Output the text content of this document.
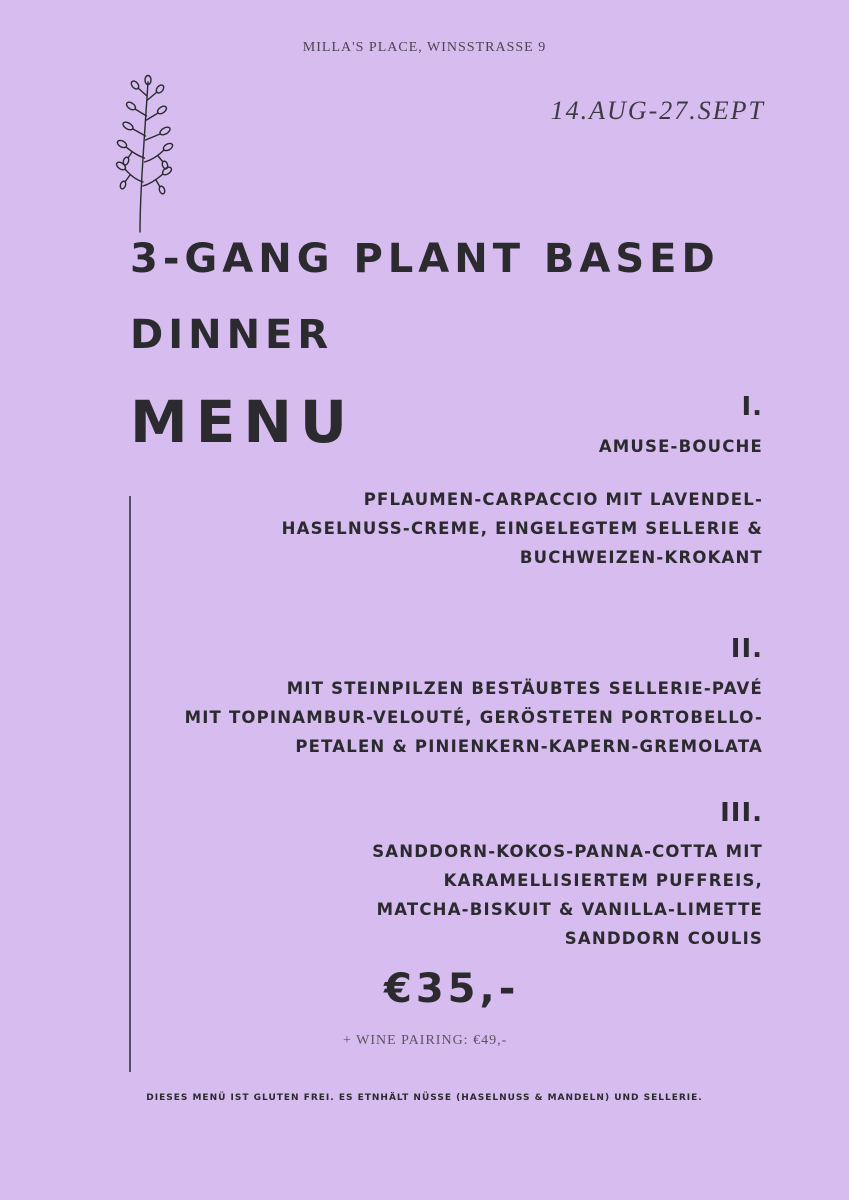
MILLA'S PLACE, WINSSTRASSE 9
14.AUG-27.SEPT
3-GANG PLANT BASED
DINNER
MENU	I.
AMUSE-BOUCHE
PFLAUMEN-CARPACCIO MIT LAVENDEL-
HASELNUSS-CREME, EINGELEGTEM SELLERIE &
BUCHWEIZEN-KROKANT
II.
MIT STEINPILZEN BESTÄUBTES SELLERIE-PAVÉ
MIT TOPINAMBUR-VELOUTÉ, GERÖSTETEN PORTOBELLO-
PETALEN & PINIENKERN-KAPERN-GREMOLATA
III.
SANDDORN-KOKOS-PANNA-COTTA MIT
KARAMELLISIERTEM PUFFREIS,
MATCHA-BISKUIT & VANILLA-LIMETTE
SANDDORN COULIS
€35,-
+ WINE PAIRING: €49,-
DIESES MENÜ IST GLUTEN FREI. ES ETNHÄLT NÜSSE (HASELNUSS & MANDELN) UND SELLERIE.
